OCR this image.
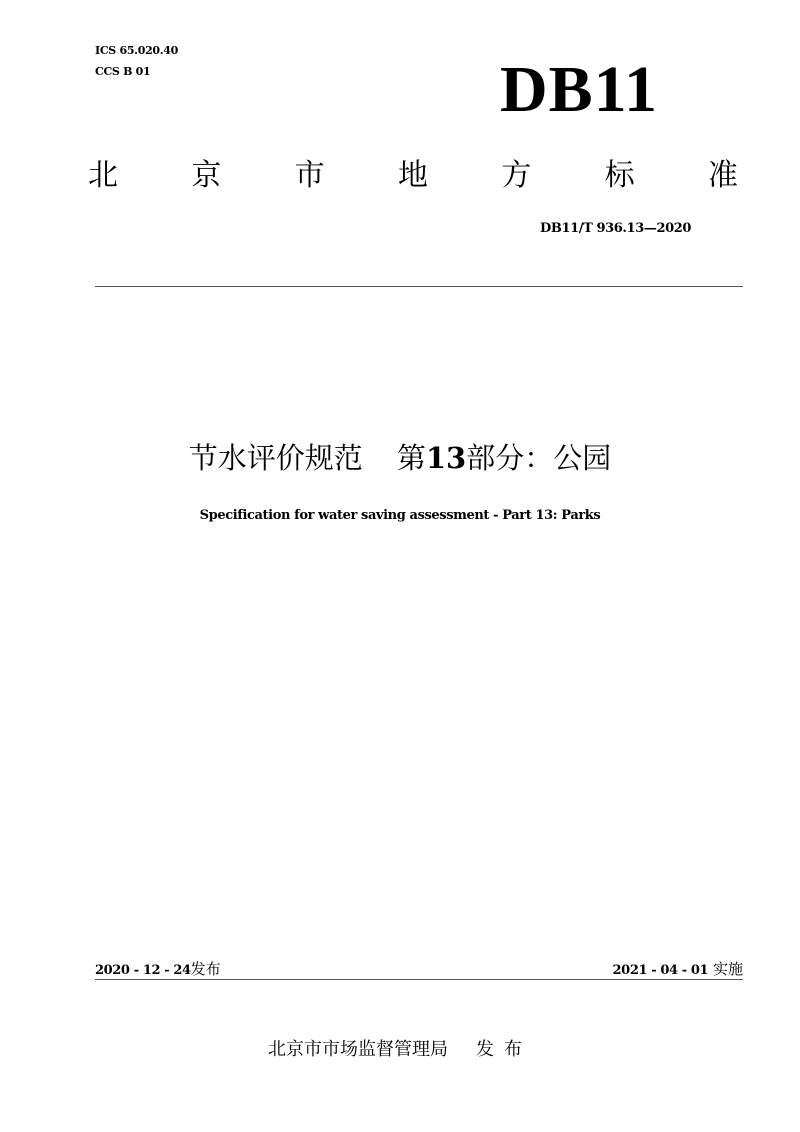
ICS 65.020.40
CCS B 01	DB11
北 京 市 地 方 标 准
DB11/T 936.13—2020
节水评价规范 第13部分：公园
Specification for water saving assessment - Part 13: Parks
2020 - 12 - 24发布	2021 - 04 - 01 实施
北京市市场监督管理局 发布
